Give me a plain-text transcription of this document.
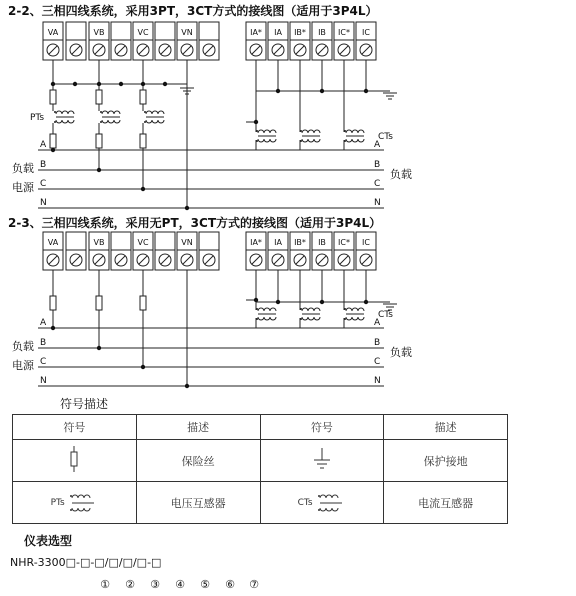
VA	VB	VC	VN	IA* IA IB* IB IC* IC
A	A
B	B
C	C
N	N
负载
电源
负载
PTs
CTs
VA	VB	VC	VN	IA* IA IB* IB IC* IC
A	A
B	B
C	C
N	N
负载
电源
负载
CTs
2-2、三相四线系统，采用3PT，3CT方式的接线图（适用于3P4L）
2-3、三相四线系统，采用无PT，3CT方式的接线图（适用于3P4L）
符号描述
符号	描述	符号	描述
	保险丝		保护接地
PTs	电压互感器	CTs	电流互感器
仪表选型
NHR-3300□-□-□/□/□/□-□
① ② ③ ④ ⑤ ⑥ ⑦
